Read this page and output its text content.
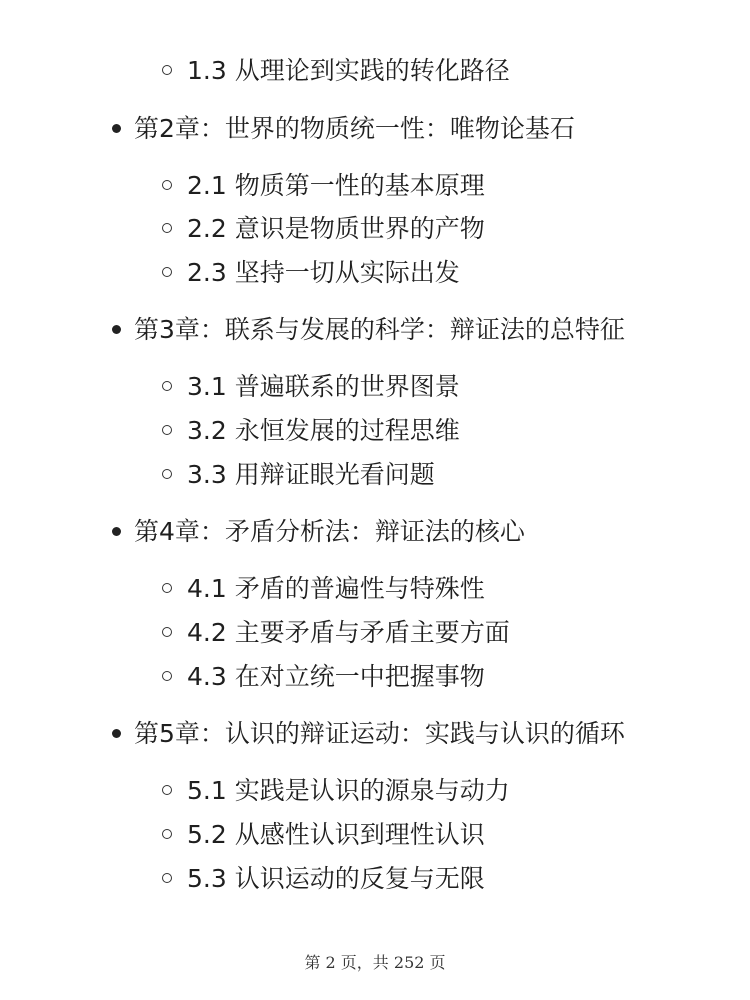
1.3 从理论到实践的转化路径
第2章：世界的物质统一性：唯物论基石
2.1 物质第一性的基本原理
2.2 意识是物质世界的产物
2.3 坚持一切从实际出发
第3章：联系与发展的科学：辩证法的总特征
3.1 普遍联系的世界图景
3.2 永恒发展的过程思维
3.3 用辩证眼光看问题
第4章：矛盾分析法：辩证法的核心
4.1 矛盾的普遍性与特殊性
4.2 主要矛盾与矛盾主要方面
4.3 在对立统一中把握事物
第5章：认识的辩证运动：实践与认识的循环
5.1 实践是认识的源泉与动力
5.2 从感性认识到理性认识
5.3 认识运动的反复与无限
第 2 页，共 252 页
